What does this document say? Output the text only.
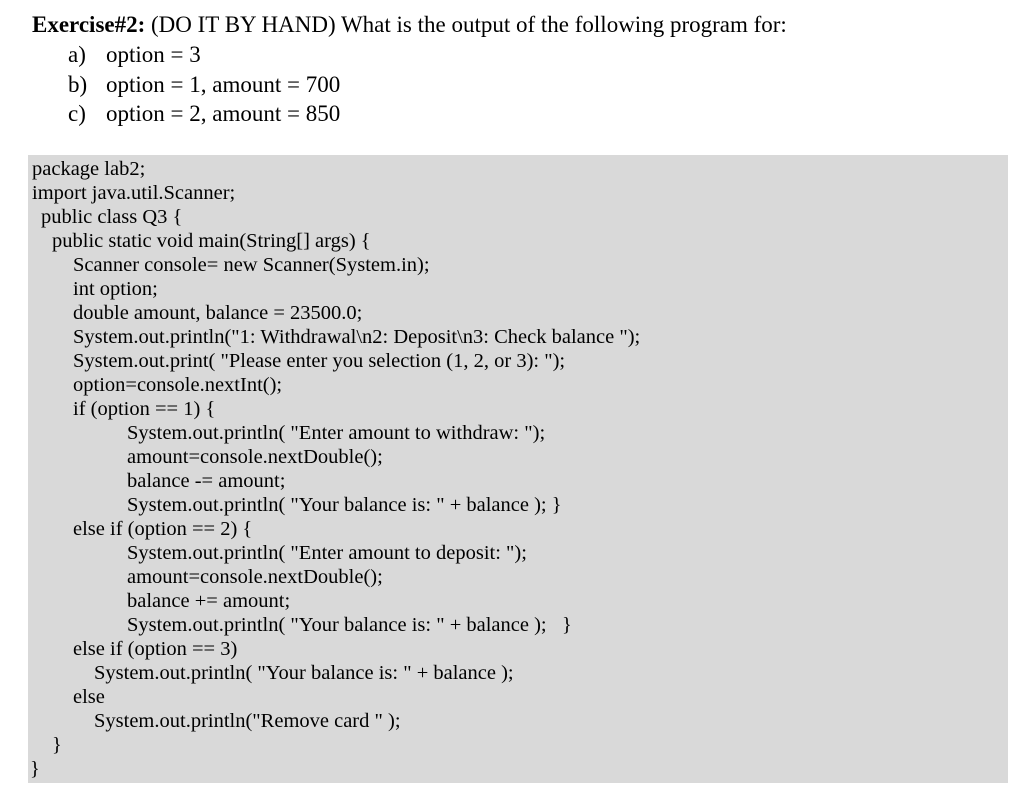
Exercise#2: (DO IT BY HAND) What is the output of the following program for:
a) option = 3
b) option = 1, amount = 700
c) option = 2, amount = 850
package lab2;
import java.util.Scanner;
public class Q3 {
public static void main(String[] args) {
Scanner console= new Scanner(System.in);
int option;
double amount, balance = 23500.0;
System.out.println("1: Withdrawal\n2: Deposit\n3: Check balance ");
System.out.print( "Please enter you selection (1, 2, or 3): ");
option=console.nextInt();
if (option == 1) {
System.out.println( "Enter amount to withdraw: ");
amount=console.nextDouble();
balance -= amount;
System.out.println( "Your balance is: " + balance ); }
else if (option == 2) {
System.out.println( "Enter amount to deposit: ");
amount=console.nextDouble();
balance += amount;
System.out.println( "Your balance is: " + balance );   }
else if (option == 3)
System.out.println( "Your balance is: " + balance );
else
System.out.println("Remove card " );
}
}
